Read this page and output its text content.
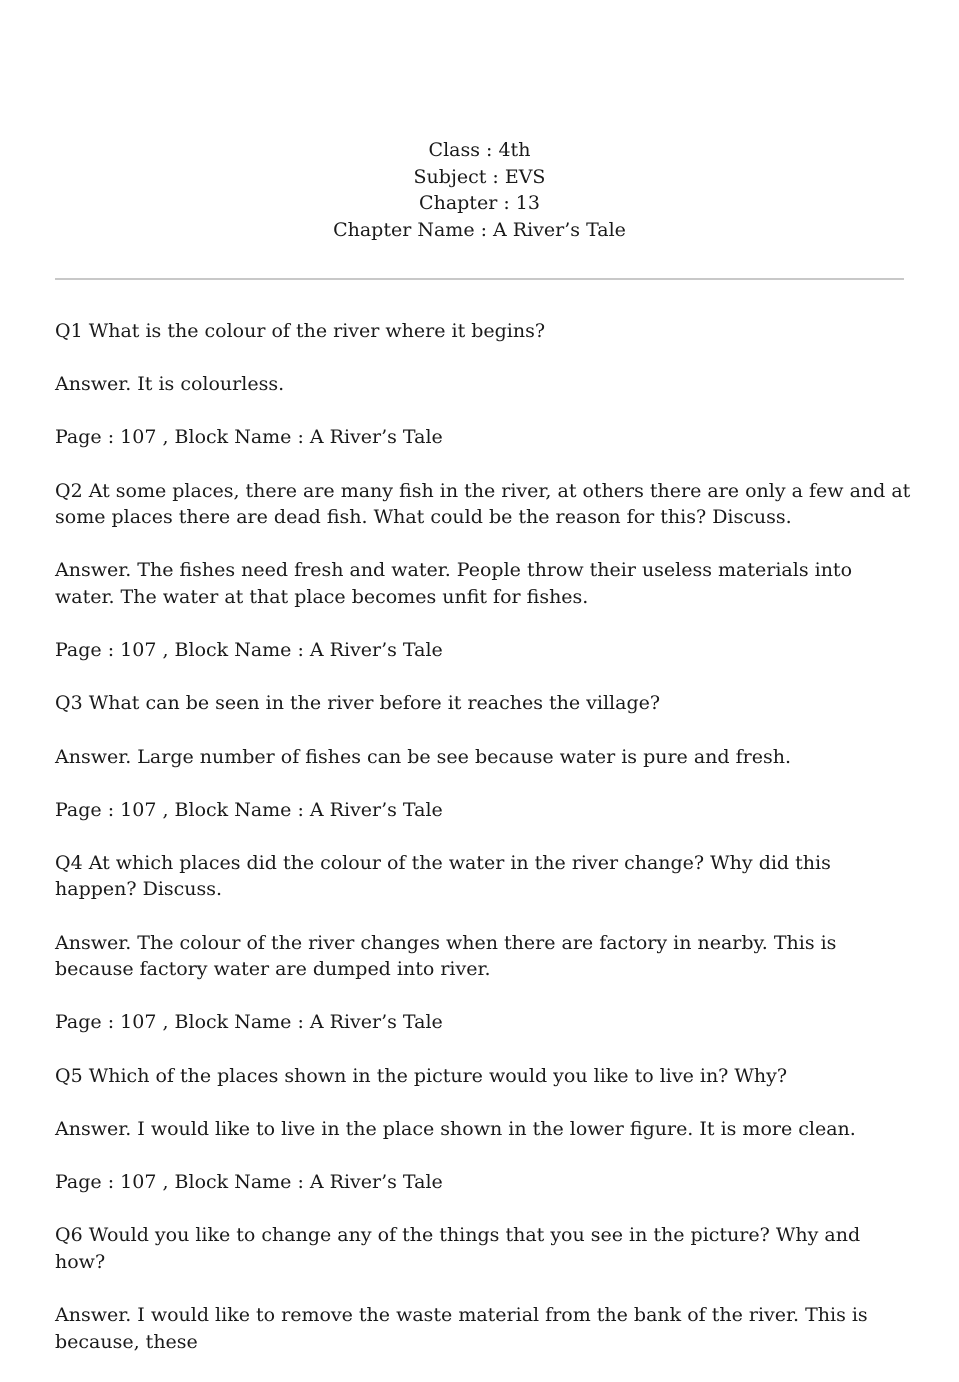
Class : 4th
Subject : EVS
Chapter : 13
Chapter Name : A River’s Tale

Q1 What is the colour of the river where it begins?

Answer. It is colourless.

Page : 107 , Block Name : A River’s Tale

Q2 At some places, there are many fish in the river, at others there are only a few and at some places there are dead fish. What could be the reason for this? Discuss.

Answer. The fishes need fresh and water. People throw their useless materials into water. The water at that place becomes unfit for fishes.

Page : 107 , Block Name : A River’s Tale

Q3 What can be seen in the river before it reaches the village?

Answer. Large number of fishes can be see because water is pure and fresh.

Page : 107 , Block Name : A River’s Tale

Q4 At which places did the colour of the water in the river change? Why did this happen? Discuss.

Answer. The colour of the river changes when there are factory in nearby. This is because factory water are dumped into river.

Page : 107 , Block Name : A River’s Tale

Q5 Which of the places shown in the picture would you like to live in? Why?

Answer. I would like to live in the place shown in the lower figure. It is more clean.

Page : 107 , Block Name : A River’s Tale

Q6 Would you like to change any of the things that you see in the picture? Why and how?

Answer. I would like to remove the waste material from the bank of the river. This is because, these
